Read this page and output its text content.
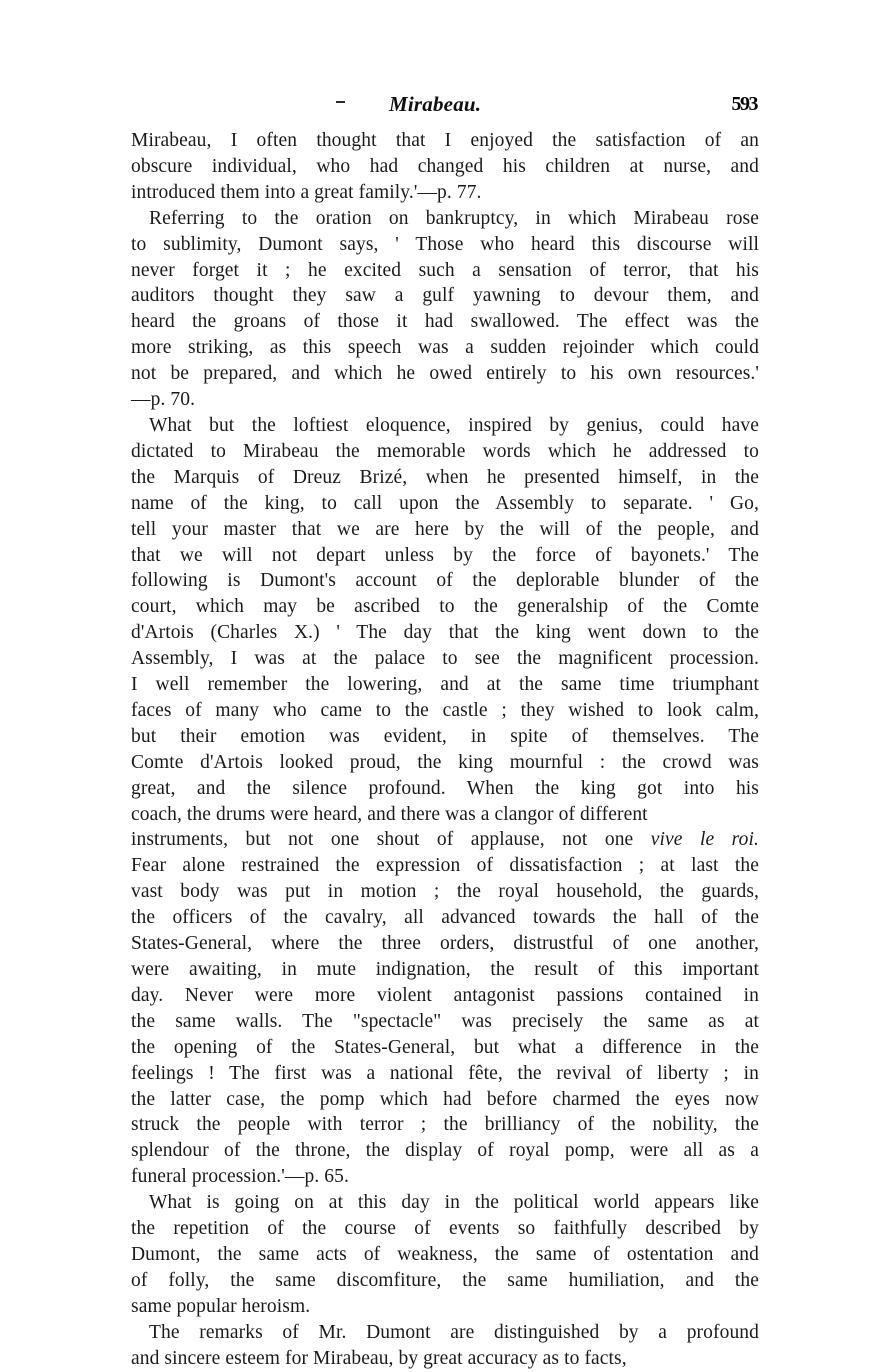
Mirabeau.	593

Mirabeau, I often thought that I enjoyed the satisfaction of an
obscure individual, who had changed his children at nurse, and
introduced them into a great family.'—p. 77.

Referring to the oration on bankruptcy, in which Mirabeau rose
to sublimity, Dumont says, ' Those who heard this discourse will
never forget it ; he excited such a sensation of terror, that his
auditors thought they saw a gulf yawning to devour them, and
heard the groans of those it had swallowed. The effect was the
more striking, as this speech was a sudden rejoinder which could
not be prepared, and which he owed entirely to his own resources.'
—p. 70.

What but the loftiest eloquence, inspired by genius, could have
dictated to Mirabeau the memorable words which he addressed to
the Marquis of Dreuz Brizé, when he presented himself, in the
name of the king, to call upon the Assembly to separate. ' Go,
tell your master that we are here by the will of the people, and
that we will not depart unless by the force of bayonets.' The
following is Dumont's account of the deplorable blunder of the
court, which may be ascribed to the generalship of the Comte
d'Artois (Charles X.) ' The day that the king went down to the
Assembly, I was at the palace to see the magnificent procession.
I well remember the lowering, and at the same time triumphant
faces of many who came to the castle ; they wished to look calm,
but their emotion was evident, in spite of themselves. The
Comte d'Artois looked proud, the king mournful : the crowd was
great, and the silence profound. When the king got into his
coach, the drums were heard, and there was a clangor of different

instruments, but not one shout of applause, not one vive le roi.

Fear alone restrained the expression of dissatisfaction ; at last the
vast body was put in motion ; the royal household, the guards,
the officers of the cavalry, all advanced towards the hall of the
States-General, where the three orders, distrustful of one another,
were awaiting, in mute indignation, the result of this important
day. Never were more violent antagonist passions contained in
the same walls. The "spectacle" was precisely the same as at
the opening of the States-General, but what a difference in the
feelings ! The first was a national fête, the revival of liberty ; in
the latter case, the pomp which had before charmed the eyes now
struck the people with terror ; the brilliancy of the nobility, the
splendour of the throne, the display of royal pomp, were all as a
funeral procession.'—p. 65.

What is going on at this day in the political world appears like
the repetition of the course of events so faithfully described by
Dumont, the same acts of weakness, the same of ostentation and
of folly, the same discomfiture, the same humiliation, and the
same popular heroism.

The remarks of Mr. Dumont are distinguished by a profound
and sincere esteem for Mirabeau, by great accuracy as to facts,
